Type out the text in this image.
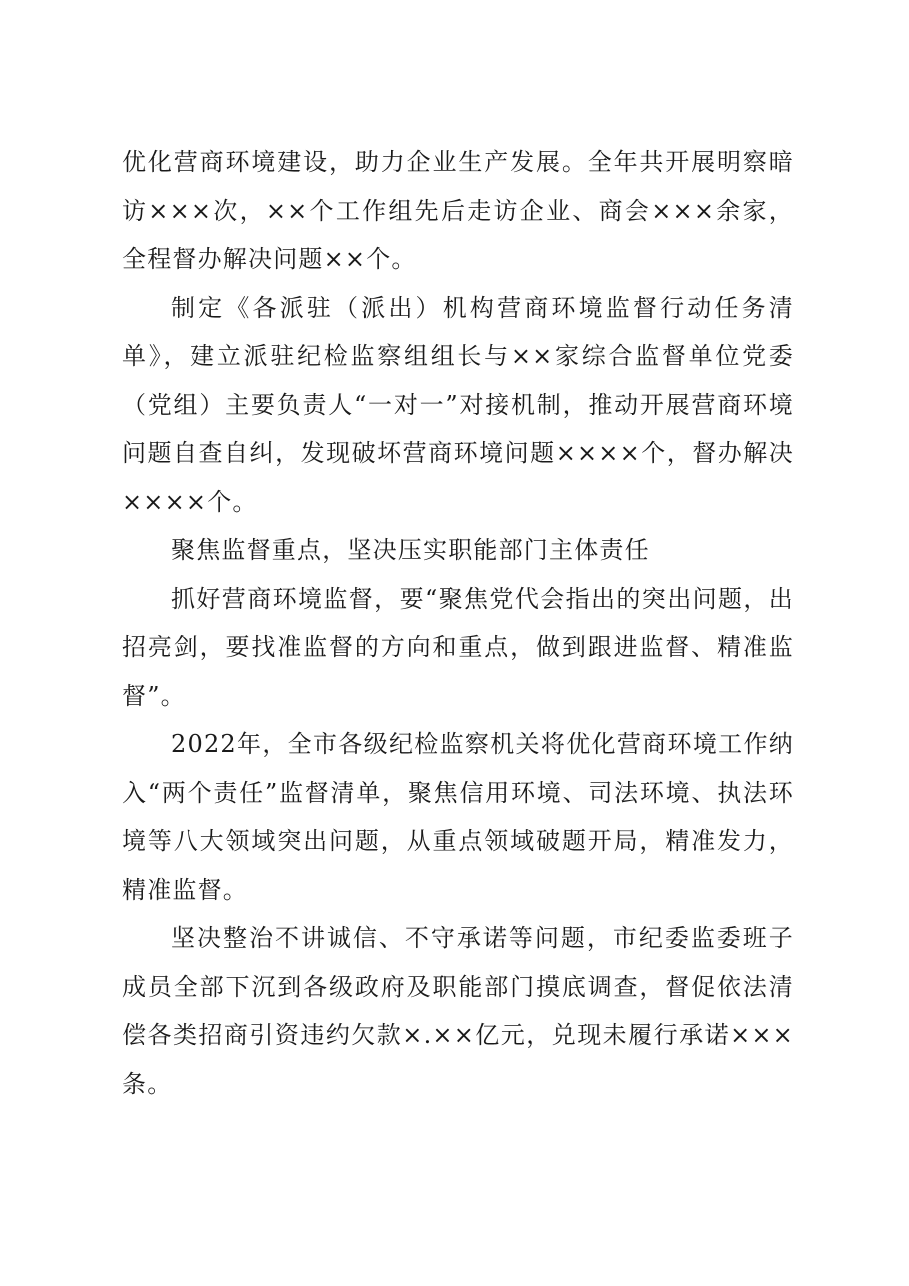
优化营商环境建设，助力企业生产发展。全年共开展明察暗访×××次，××个工作组先后走访企业、商会×××余家，全程督办解决问题××个。

制定《各派驻（派出）机构营商环境监督行动任务清单》，建立派驻纪检监察组组长与××家综合监督单位党委（党组）主要负责人“一对一”对接机制，推动开展营商环境问题自查自纠，发现破坏营商环境问题××××个，督办解决××××个。

聚焦监督重点，坚决压实职能部门主体责任

抓好营商环境监督，要“聚焦党代会指出的突出问题，出招亮剑，要找准监督的方向和重点，做到跟进监督、精准监督”。

2022年，全市各级纪检监察机关将优化营商环境工作纳入“两个责任”监督清单，聚焦信用环境、司法环境、执法环境等八大领域突出问题，从重点领域破题开局，精准发力，精准监督。

坚决整治不讲诚信、不守承诺等问题，市纪委监委班子成员全部下沉到各级政府及职能部门摸底调查，督促依法清偿各类招商引资违约欠款×.××亿元，兑现未履行承诺×××条。
